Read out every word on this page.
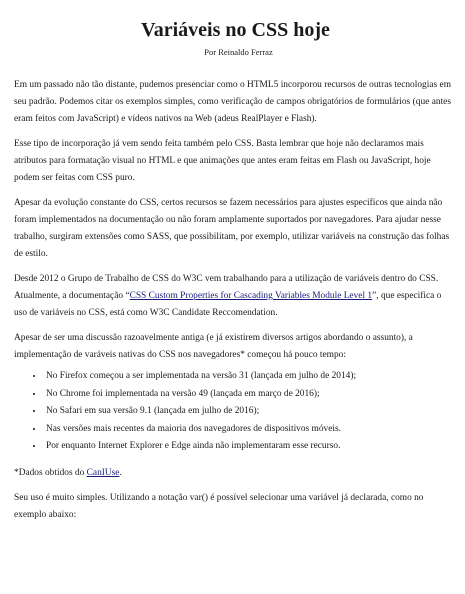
Variáveis no CSS hoje
Por Reinaldo Ferraz

Em um passado não tão distante, pudemos presenciar como o HTML5 incorporou recursos de outras tecnologias em seu padrão. Podemos citar os exemplos simples, como verificação de campos obrigatórios de formulários (que antes eram feitos com JavaScript) e vídeos nativos na Web (adeus RealPlayer e Flash).

Esse tipo de incorporação já vem sendo feita também pelo CSS. Basta lembrar que hoje não declaramos mais atributos para formatação visual no HTML e que animações que antes eram feitas em Flash ou JavaScript, hoje podem ser feitas com CSS puro.

Apesar da evolução constante do CSS, certos recursos se fazem necessários para ajustes específicos que ainda não foram implementados na documentação ou não foram amplamente suportados por navegadores. Para ajudar nesse trabalho, surgiram extensões como SASS, que possibilitam, por exemplo, utilizar variáveis na construção das folhas de estilo.

Desde 2012 o Grupo de Trabalho de CSS do W3C vem trabalhando para a utilização de variáveis dentro do CSS. Atualmente, a documentação “CSS Custom Properties for Cascading Variables Module Level 1”, que especifica o uso de variáveis no CSS, está como W3C Candidate Reccomendation.

Apesar de ser uma discussão razoavelmente antiga (e já existirem diversos artigos abordando o assunto), a implementação de varáveis nativas do CSS nos navegadores* começou há pouco tempo:

• No Firefox começou a ser implementada na versão 31 (lançada em julho de 2014);
• No Chrome foi implementada na versão 49 (lançada em março de 2016);
• No Safari em sua versão 9.1 (lançada em julho de 2016);
• Nas versões mais recentes da maioria dos navegadores de dispositivos móveis.
• Por enquanto Internet Explorer e Edge ainda não implementaram esse recurso.

*Dados obtidos do CanIUse.

Seu uso é muito simples. Utilizando a notação var() é possível selecionar uma variável já declarada, como no exemplo abaixo:
